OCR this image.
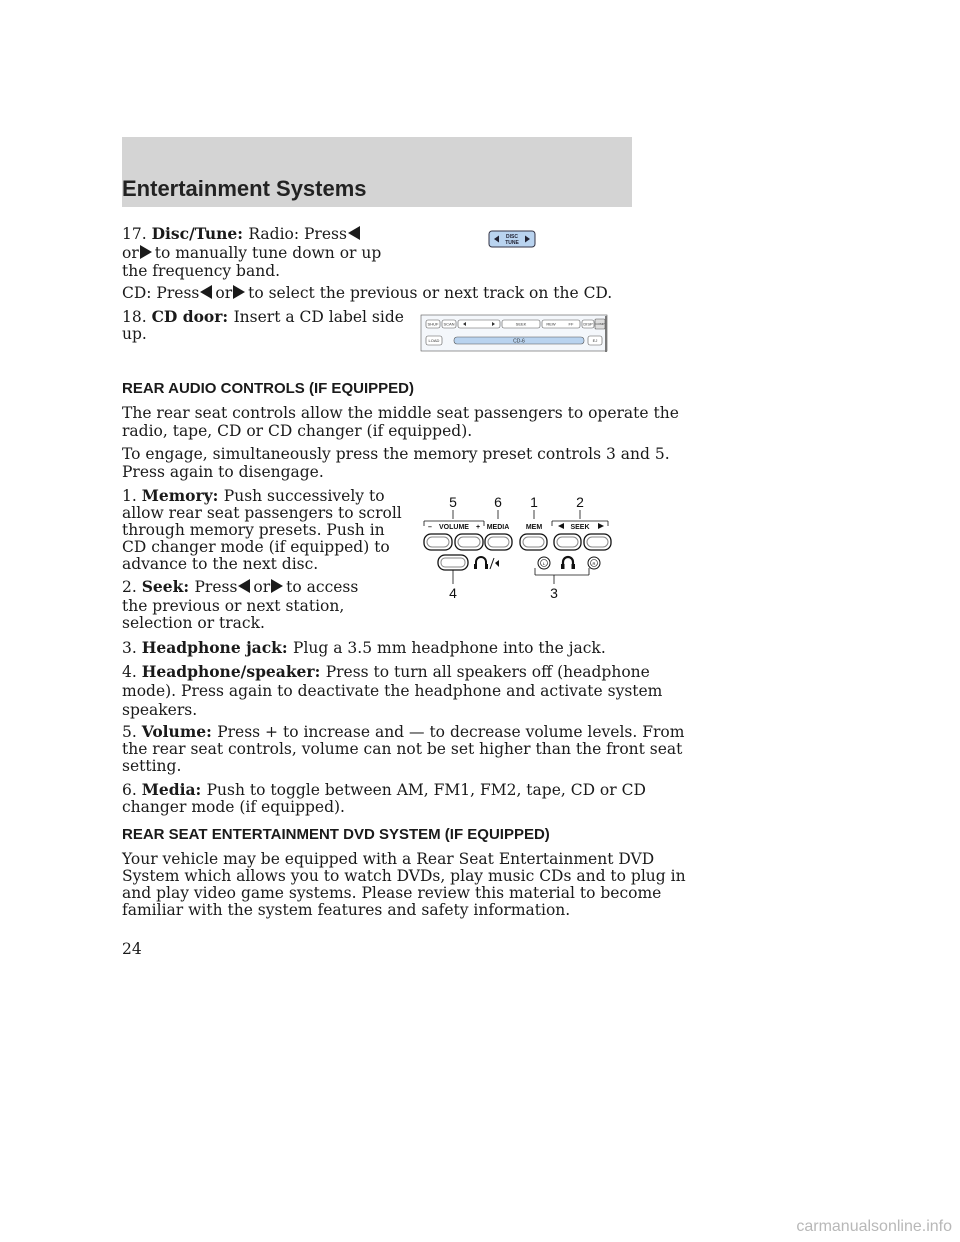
Entertainment Systems

17. Disc/Tune: Radio: Press

or to manually tune down or up

the frequency band.

CD: Press or to select the previous or next track on the CD.

DISC
TUNE

18. CD door: Insert a CD label side

up.

SHUF SCAN	SEEK	REW	FF DISP COMP
LOAD	CD-6	EJ

REAR AUDIO CONTROLS (IF EQUIPPED)

The rear seat controls allow the middle seat passengers to operate the

radio, tape, CD or CD changer (if equipped).

To engage, simultaneously press the memory preset controls 3 and 5.

Press again to disengage.

1. Memory: Push successively to

allow rear seat passengers to scroll

through memory presets. Push in

CD changer mode (if equipped) to

advance to the next disc.

2. Seek: Press or to access

the previous or next station,

selection or track.

5	6 1	2
4	3
VOLUME
–	+ MEDIA MEM	SEEK
L	R

3. Headphone jack: Plug a 3.5 mm headphone into the jack.

4. Headphone/speaker: Press to turn all speakers off (headphone

mode). Press again to deactivate the headphone and activate system

speakers.

5. Volume: Press + to increase and — to decrease volume levels. From

the rear seat controls, volume can not be set higher than the front seat

setting.

6. Media: Push to toggle between AM, FM1, FM2, tape, CD or CD

changer mode (if equipped).

REAR SEAT ENTERTAINMENT DVD SYSTEM (IF EQUIPPED)

Your vehicle may be equipped with a Rear Seat Entertainment DVD

System which allows you to watch DVDs, play music CDs and to plug in

and play video game systems. Please review this material to become

familiar with the system features and safety information.

24
carmanualsonline.info
